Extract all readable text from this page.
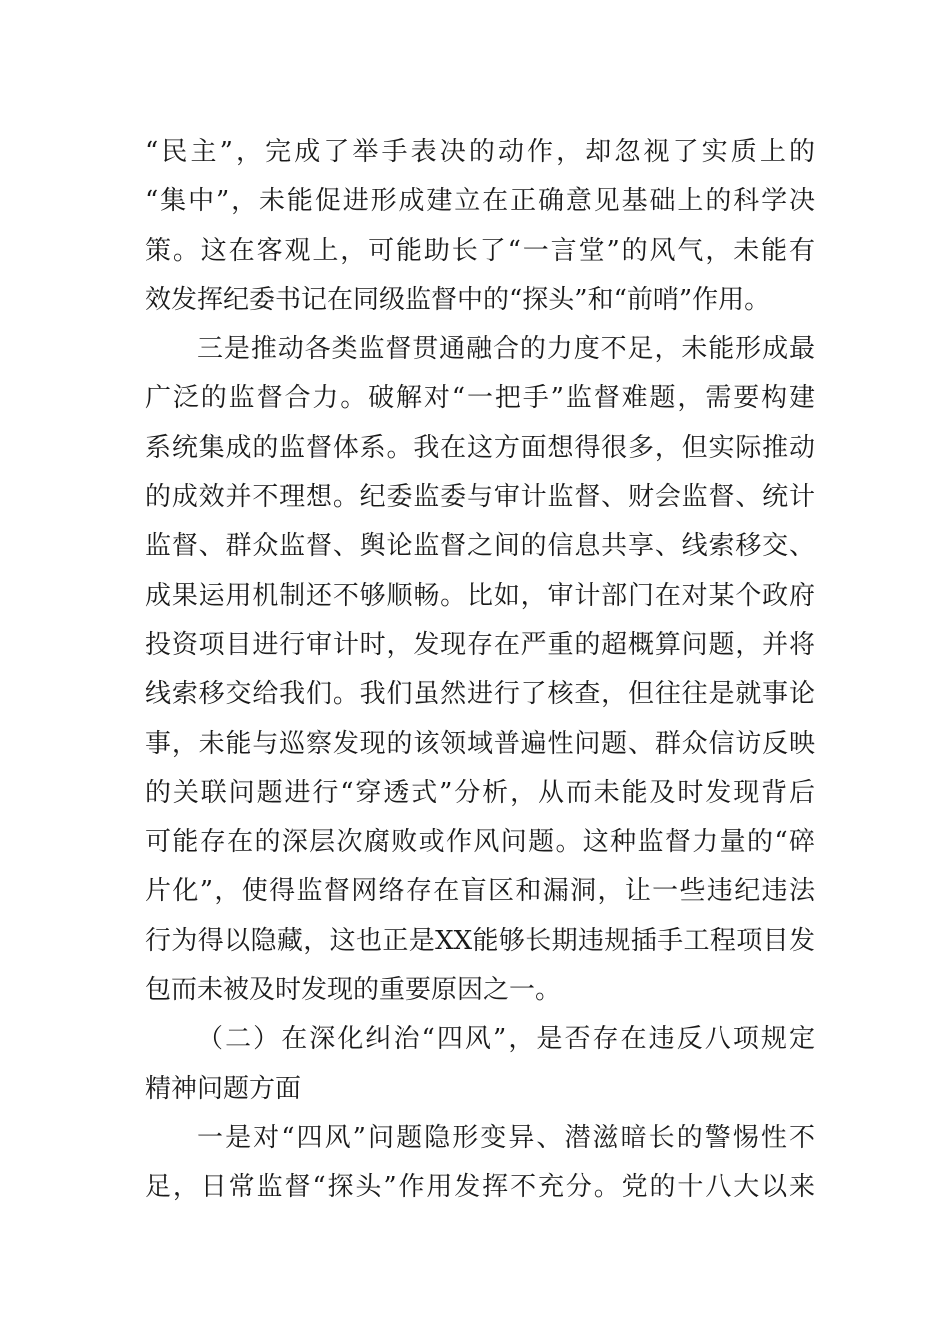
“民主”，完成了举手表决的动作，却忽视了实质上的
“集中”，未能促进形成建立在正确意见基础上的科学决
策。这在客观上，可能助长了“一言堂”的风气，未能有
效发挥纪委书记在同级监督中的“探头”和“前哨”作用。
三是推动各类监督贯通融合的力度不足，未能形成最
广泛的监督合力。破解对“一把手”监督难题，需要构建
系统集成的监督体系。我在这方面想得很多，但实际推动
的成效并不理想。纪委监委与审计监督、财会监督、统计
监督、群众监督、舆论监督之间的信息共享、线索移交、
成果运用机制还不够顺畅。比如，审计部门在对某个政府
投资项目进行审计时，发现存在严重的超概算问题，并将
线索移交给我们。我们虽然进行了核查，但往往是就事论
事，未能与巡察发现的该领域普遍性问题、群众信访反映
的关联问题进行“穿透式”分析，从而未能及时发现背后
可能存在的深层次腐败或作风问题。这种监督力量的“碎
片化”，使得监督网络存在盲区和漏洞，让一些违纪违法
行为得以隐藏，这也正是XX能够长期违规插手工程项目发
包而未被及时发现的重要原因之一。
（二）在深化纠治“四风”，是否存在违反八项规定
精神问题方面
一是对“四风”问题隐形变异、潜滋暗长的警惕性不
足，日常监督“探头”作用发挥不充分。党的十八大以来
